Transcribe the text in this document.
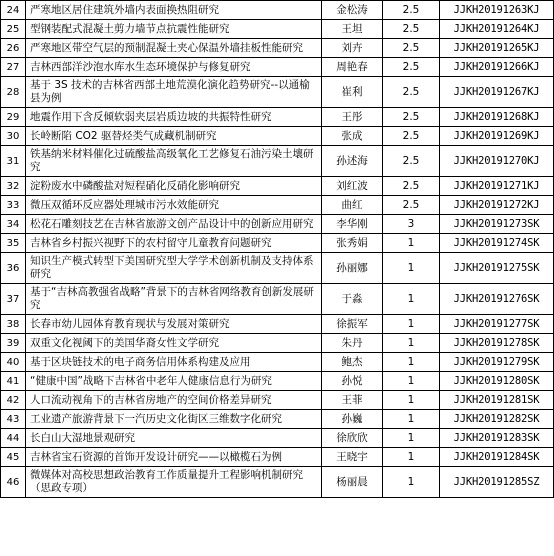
24	严寒地区居住建筑外墙内表面换热阻研究	金松涛	2.5	JJKH20191263KJ
25	型钢装配式混凝土剪力墙节点抗震性能研究	王坦	2.5	JJKH20191264KJ
26	严寒地区带空气层的预制混凝土夹心保温外墙挂板性能研究	刘卉	2.5	JJKH20191265KJ
27	吉林西部洋沙泡水库水生态环境保护与修复研究	周艳春	2.5	JJKH20191266KJ
28	基于 3S 技术的吉林省西部土地荒漠化演化趋势研究--以通榆县为例	崔利	2.5	JJKH20191267KJ
29	地震作用下含反倾软弱夹层岩质边坡的共振特性研究	王彤	2.5	JJKH20191268KJ
30	长岭断陷 CO2 驱替烃类气成藏机制研究	张成	2.5	JJKH20191269KJ
31	铁基纳米材料催化过硫酸盐高级氧化工艺修复石油污染土壤研究	孙述海	2.5	JJKH20191270KJ
32	淀粉废水中磷酸盐对短程硝化反硝化影响研究	刘红波	2.5	JJKH20191271KJ
33	微压双循环反应器处理城市污水效能研究	曲红	2.5	JJKH20191272KJ
34	松花石雕刻技艺在吉林省旅游文创产品设计中的创新应用研究	李华刚	3	JJKH20191273SK
35	吉林省乡村振兴视野下的农村留守儿童教育问题研究	张秀娟	1	JJKH20191274SK
36	知识生产模式转型下美国研究型大学学术创新机制及支持体系研究	孙丽娜	1	JJKH20191275SK
37	基于“吉林高教强省战略”背景下的吉林省网络教育创新发展研究	于淼	1	JJKH20191276SK
38	长春市幼儿园体育教育现状与发展对策研究	徐振军	1	JJKH20191277SK
39	双重文化视阈下的美国华裔女性文学研究	朱丹	1	JJKH20191278SK
40	基于区块链技术的电子商务信用体系构建及应用	鲍杰	1	JJKH20191279SK
41	“健康中国”战略下吉林省中老年人健康信息行为研究	孙悦	1	JJKH20191280SK
42	人口流动视角下的吉林省房地产的空间价格差异研究	王菲	1	JJKH20191281SK
43	工业遗产旅游背景下一汽历史文化街区三维数字化研究	孙巍	1	JJKH20191282SK
44	长白山大湿地景观研究	徐欣欣	1	JJKH20191283SK
45	吉林省宝石资源的首饰开发设计研究——以橄榄石为例	王晓宇	1	JJKH20191284SK
46	微媒体对高校思想政治教育工作质量提升工程影响机制研究（思政专项）	杨丽晨	1	JJKH20191285SZ
